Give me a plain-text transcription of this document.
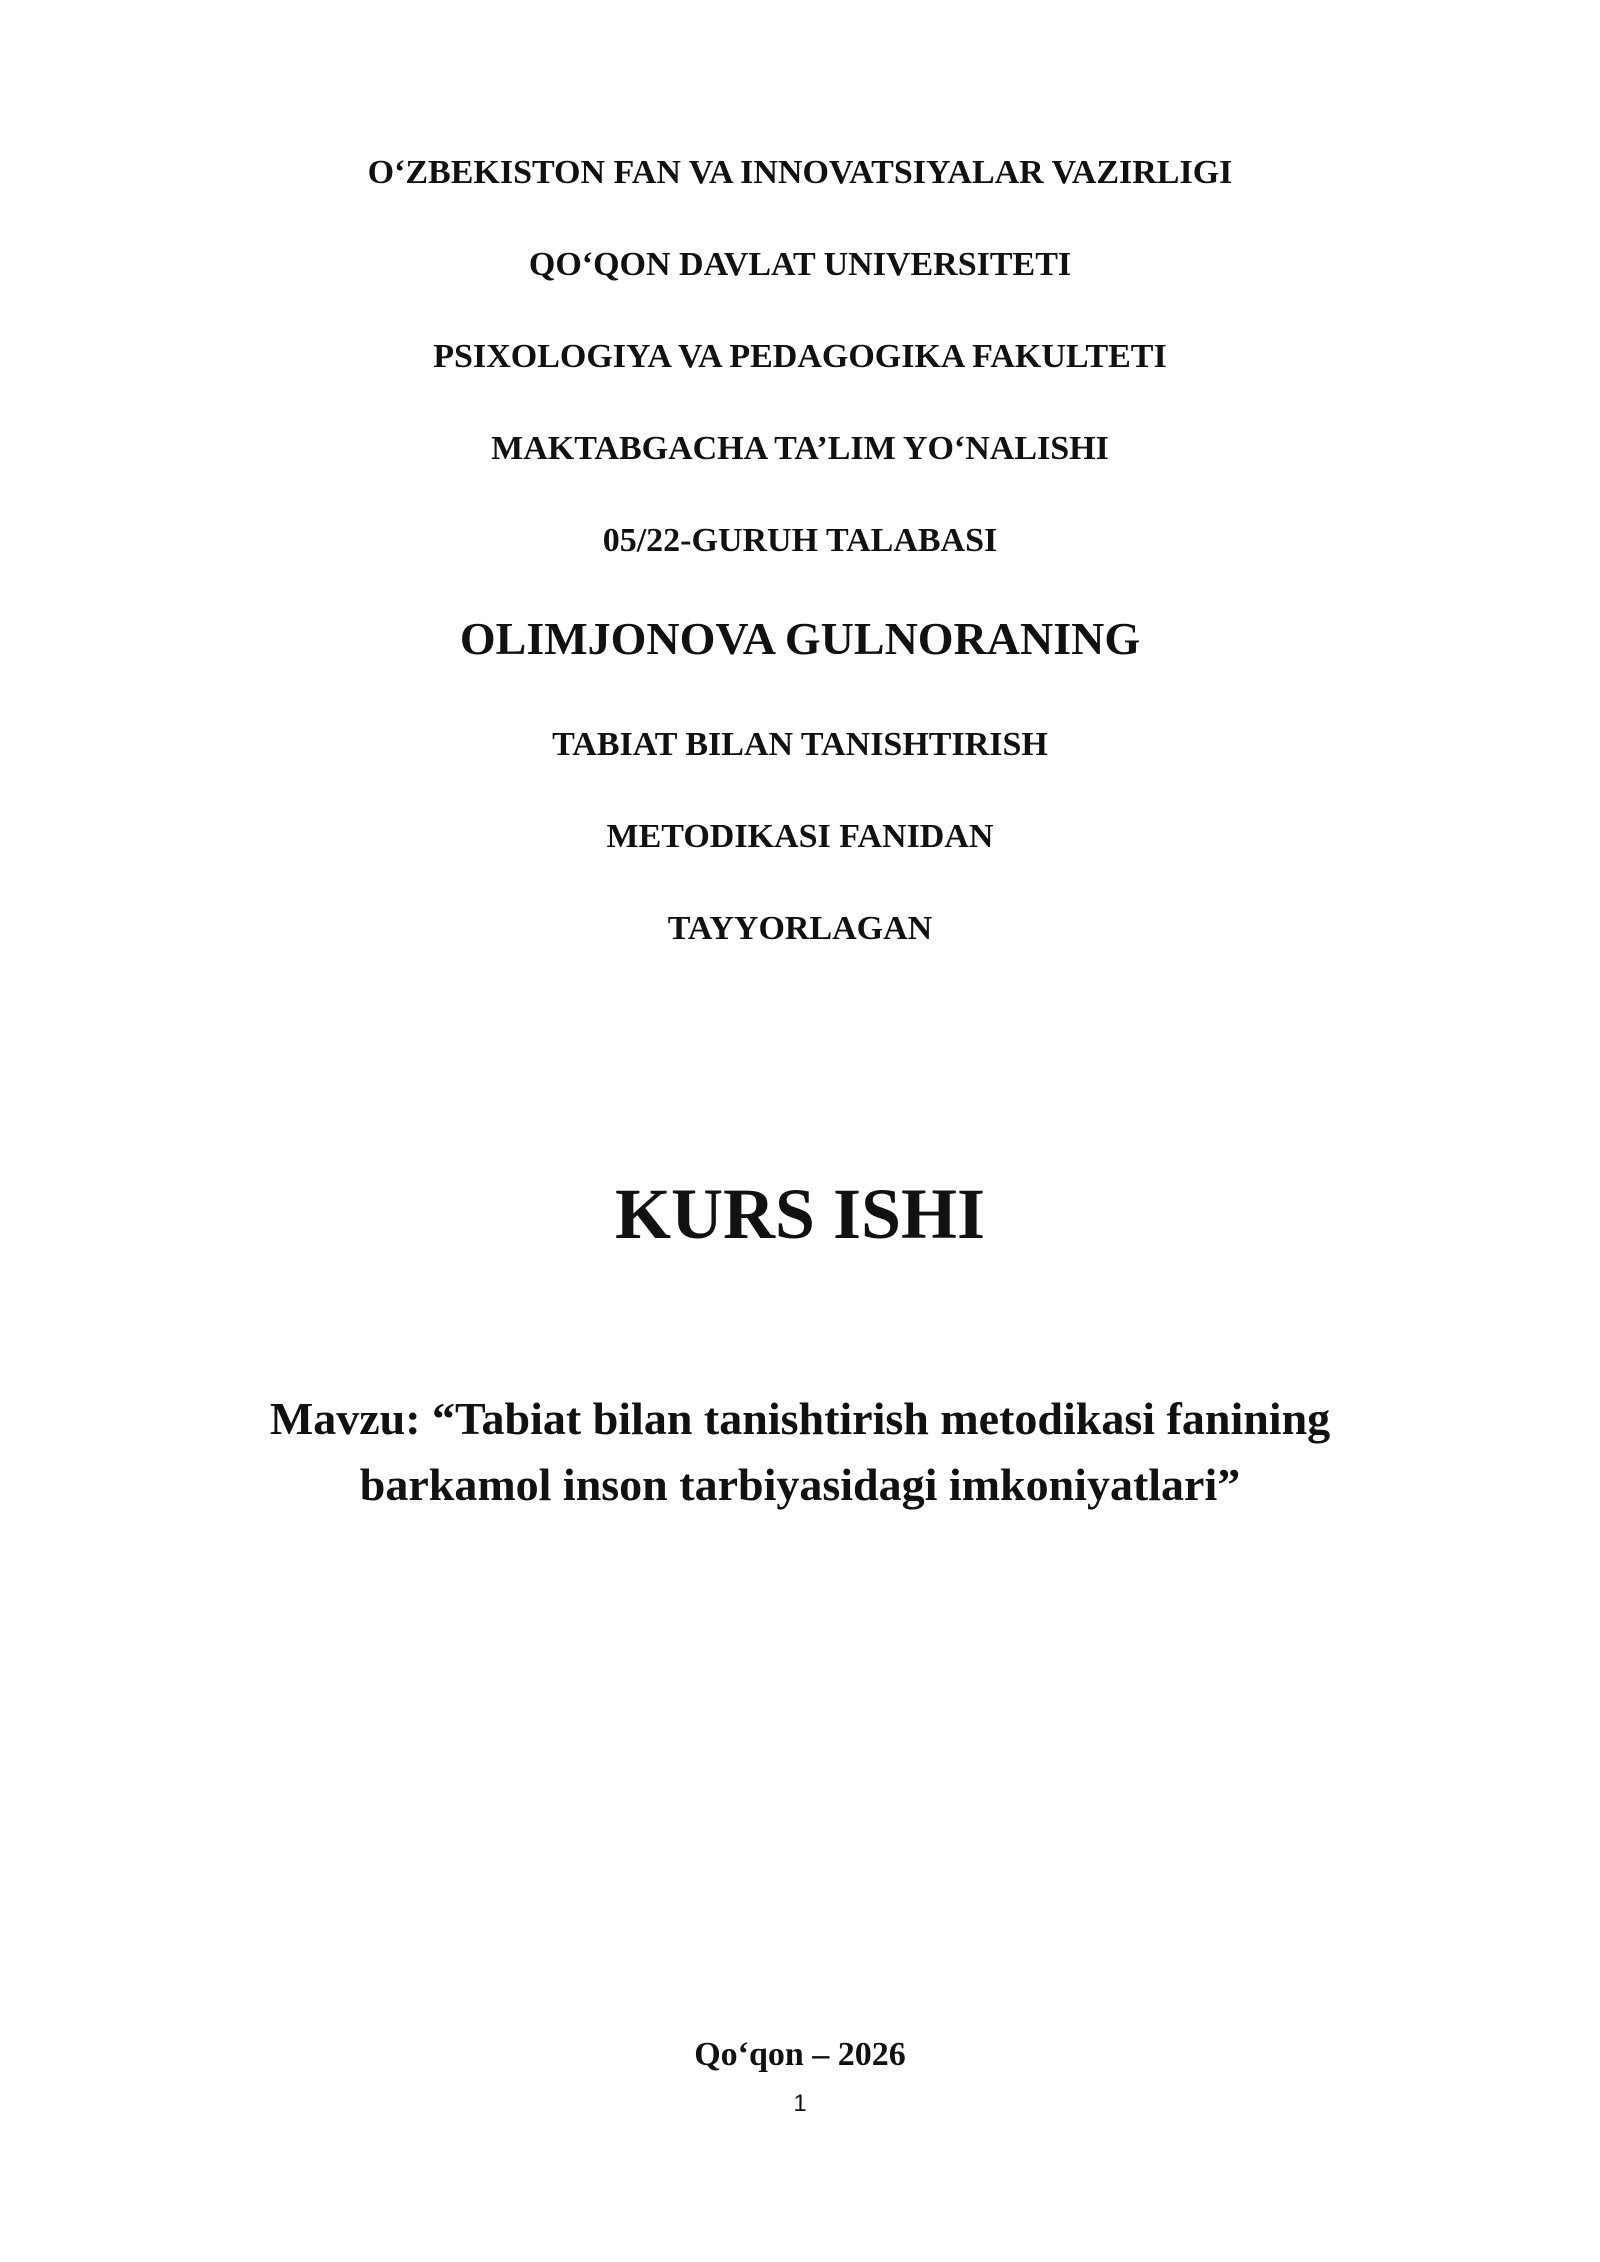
O‘ZBEKISTON FAN VA INNOVATSIYALAR VAZIRLIGI
QO‘QON DAVLAT UNIVERSITETI
PSIXOLOGIYA VA PEDAGOGIKA FAKULTETI
MAKTABGACHA TA’LIM YO‘NALISHI
05/22-GURUH TALABASI
OLIMJONOVA GULNORANING
TABIAT BILAN TANISHTIRISH
METODIKASI FANIDAN
TAYYORLAGAN
KURS ISHI
Mavzu: “Tabiat bilan tanishtirish metodikasi fanining
barkamol inson tarbiyasidagi imkoniyatlari”
Qo‘qon – 2026
1
